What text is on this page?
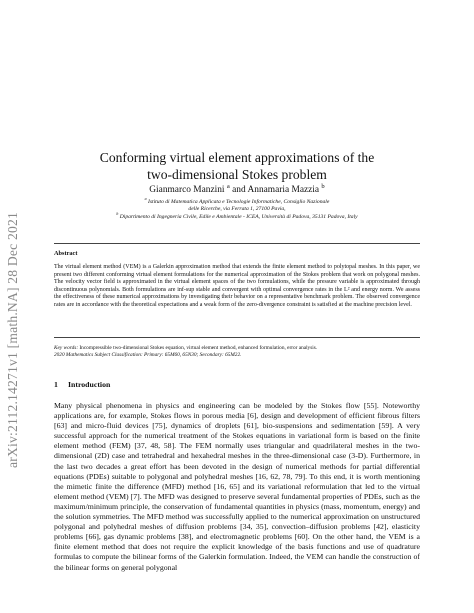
arXiv:2112.14271v1 [math.NA] 28 Dec 2021
Conforming virtual element approximations of the
two-dimensional Stokes problem
Gianmarco Manzini $^a$ and Annamaria Mazzia $^b$
$^a$ Istituto di Matematica Applicata e Tecnologie Informatiche, Consiglio Nazionale
delle Ricerche, via Ferrata 1, 27100 Pavia,
$^b$ Dipartimento di Ingegneria Civile, Edile e Ambientale - ICEA, Università di Padova, 35131 Padova, Italy
Abstract
The virtual element method (VEM) is a Galerkin approximation method that extends the finite element method to polytopal meshes. In this paper, we present two different conforming virtual element formulations for the numerical approximation of the Stokes problem that work on polygonal meshes. The velocity vector field is approximated in the virtual element spaces of the two formulations, while the pressure variable is approximated through discontinuous polynomials. Both formulations are inf-sup stable and convergent with optimal convergence rates in the L² and energy norm. We assess the effectiveness of these numerical approximations by investigating their behavior on a representative benchmark problem. The observed convergence rates are in accordance with the theoretical expectations and a weak form of the zero-divergence constraint is satisfied at the machine precision level.
Key words: Incompressible two-dimensional Stokes equation, virtual element method, enhanced formulation, error analysis.
2020 Mathematics Subject Classification: Primary: 65M60, 65N30; Secondary: 65M22.
1 Introduction

Many physical phenomena in physics and engineering can be modeled by the Stokes flow [55]. Noteworthy applications are, for example, Stokes flows in porous media [6], design and development of efficient fibrous filters [63] and micro-fluid devices [75], dynamics of droplets [61], bio-suspensions and sedimentation [59]. A very successful approach for the numerical treatment of the Stokes equations in variational form is based on the finite element method (FEM) [37, 48, 58]. The FEM normally uses triangular and quadrilateral meshes in the two-dimensional (2D) case and tetrahedral and hexahedral meshes in the three-dimensional case (3-D). Furthermore, in the last two decades a great effort has been devoted in the design of numerical methods for partial differential equations (PDEs) suitable to polygonal and polyhedral meshes [16, 62, 78, 79]. To this end, it is worth mentioning the mimetic finite the difference (MFD) method [16, 65] and its variational reformulation that led to the virtual element method (VEM) [7]. The MFD was designed to preserve several fundamental properties of PDEs, such as the maximum/minimum principle, the conservation of fundamental quantities in physics (mass, momentum, energy) and the solution symmetries. The MFD method was successfully applied to the numerical approximation on unstructured polygonal and polyhedral meshes of diffusion problems [34, 35], convection–diffusion problems [42], elasticity problems [66], gas dynamic problems [38], and electromagnetic problems [60]. On the other hand, the VEM is a finite element method that does not require the explicit knowledge of the basis functions and use of quadrature formulas to compute the bilinear forms of the Galerkin formulation. Indeed, the VEM can handle the construction of the bilinear forms on general polygonal
